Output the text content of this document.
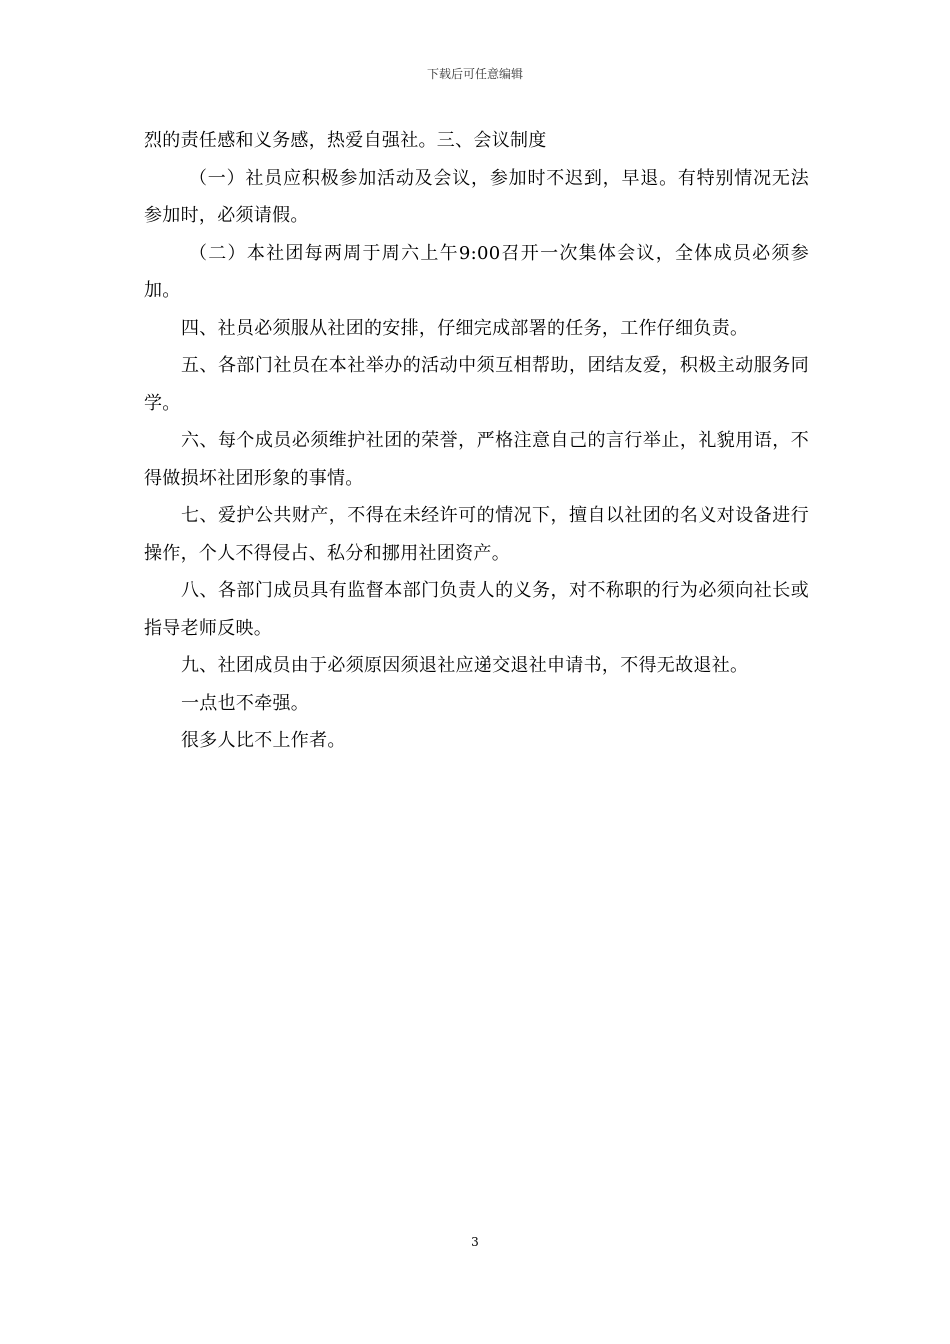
下载后可任意编辑

烈的责任感和义务感，热爱自强社。三、会议制度

（一）社员应积极参加活动及会议，参加时不迟到，早退。有特别情况无法参加时，必须请假。

（二）本社团每两周于周六上午9:00召开一次集体会议，全体成员必须参加。

四、社员必须服从社团的安排，仔细完成部署的任务，工作仔细负责。

五、各部门社员在本社举办的活动中须互相帮助，团结友爱，积极主动服务同学。

六、每个成员必须维护社团的荣誉，严格注意自己的言行举止，礼貌用语，不得做损坏社团形象的事情。

七、爱护公共财产，不得在未经许可的情况下，擅自以社团的名义对设备进行操作，个人不得侵占、私分和挪用社团资产。

八、各部门成员具有监督本部门负责人的义务，对不称职的行为必须向社长或指导老师反映。

九、社团成员由于必须原因须退社应递交退社申请书，不得无故退社。

一点也不牵强。

很多人比不上作者。

3
